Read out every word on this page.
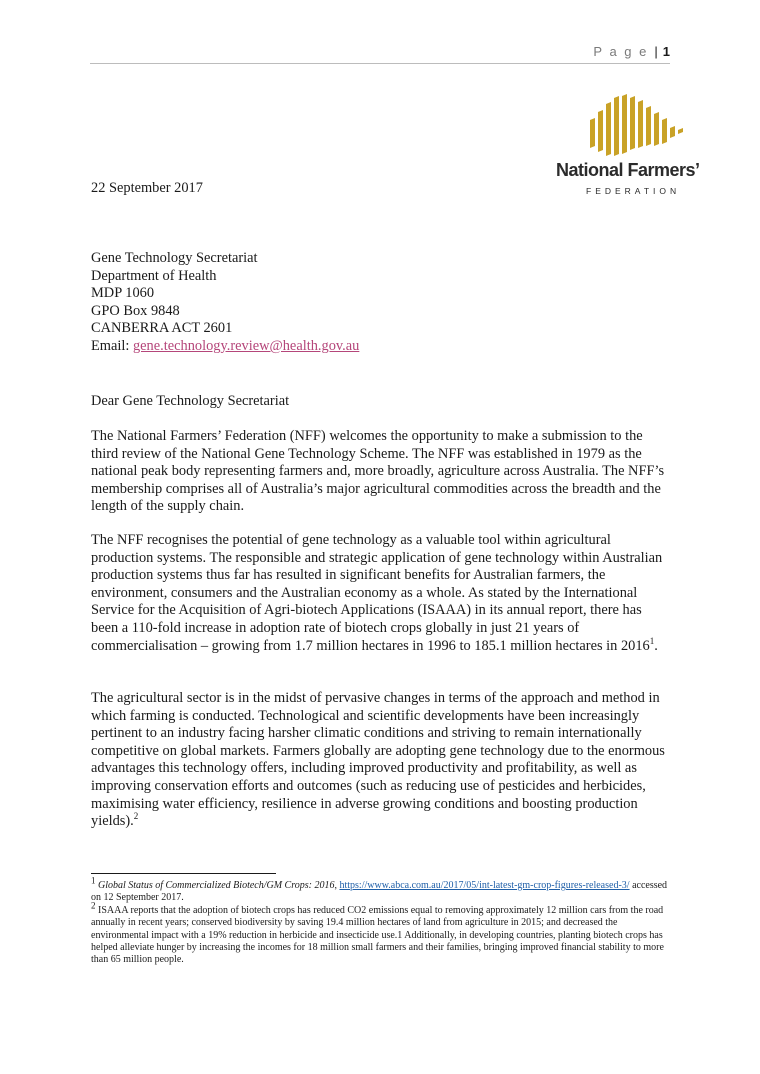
P a g e | 1
National Farmers’
FEDERATION
22 September 2017
Gene Technology Secretariat
Department of Health
MDP 1060
GPO Box 9848
CANBERRA ACT 2601
Email: gene.technology.review@health.gov.au
Dear Gene Technology Secretariat

The National Farmers’ Federation (NFF) welcomes the opportunity to make a submission to the third review of the National Gene Technology Scheme. The NFF was established in 1979 as the national peak body representing farmers and, more broadly, agriculture across Australia. The NFF’s membership comprises all of Australia’s major agricultural commodities across the breadth and the length of the supply chain.

The NFF recognises the potential of gene technology as a valuable tool within agricultural production systems. The responsible and strategic application of gene technology within Australian production systems thus far has resulted in significant benefits for Australian farmers, the environment, consumers and the Australian economy as a whole. As stated by the International Service for the Acquisition of Agri-biotech Applications (ISAAA) in its annual report, there has been a 110-fold increase in adoption rate of biotech crops globally in just 21 years of commercialisation – growing from 1.7 million hectares in 1996 to 185.1 million hectares in 2016$^1$.

The agricultural sector is in the midst of pervasive changes in terms of the approach and method in which farming is conducted. Technological and scientific developments have been increasingly pertinent to an industry facing harsher climatic conditions and striving to remain internationally competitive on global markets. Farmers globally are adopting gene technology due to the enormous advantages this technology offers, including improved productivity and profitability, as well as improving conservation efforts and outcomes (such as reducing use of pesticides and herbicides, maximising water efficiency, resilience in adverse growing conditions and boosting production yields).$^2$

$^1$ Global Status of Commercialized Biotech/GM Crops: 2016, https://www.abca.com.au/2017/05/int-latest-gm-crop-figures-released-3/ accessed on 12 September 2017.

$^2$ ISAAA reports that the adoption of biotech crops has reduced CO2 emissions equal to removing approximately 12 million cars from the road annually in recent years; conserved biodiversity by saving 19.4 million hectares of land from agriculture in 2015; and decreased the environmental impact with a 19% reduction in herbicide and insecticide use.1 Additionally, in developing countries, planting biotech crops has helped alleviate hunger by increasing the incomes for 18 million small farmers and their families, bringing improved financial stability to more than 65 million people.
